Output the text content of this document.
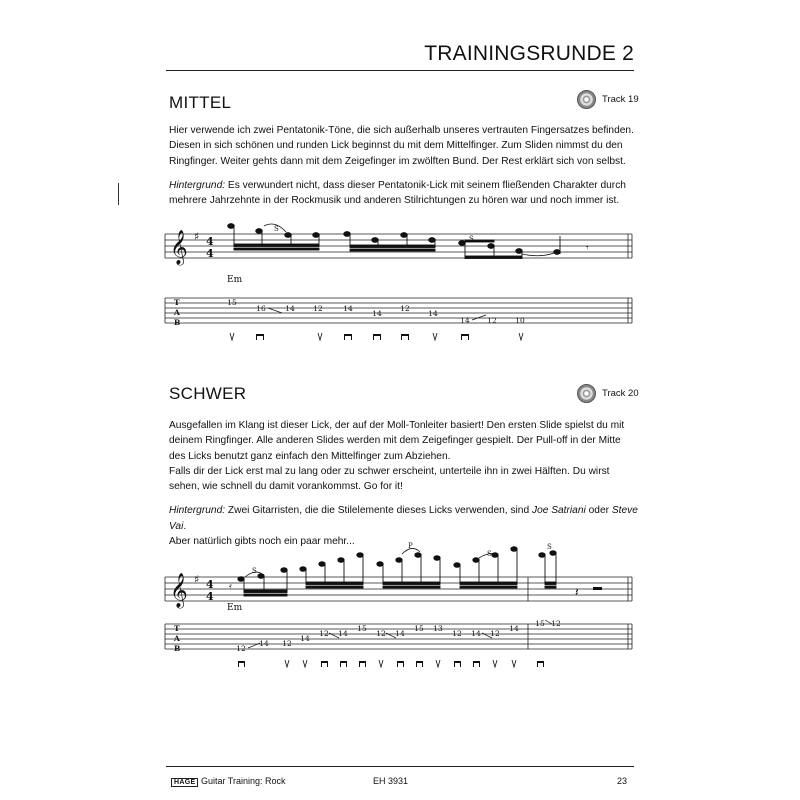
TRAININGSRUNDE 2
MITTEL	Track 19

Hier verwende ich zwei Pentatonik-Töne, die sich außerhalb unseres vertrauten Fingersatzes befinden. Diesen in sich schönen und runden Lick beginnst du mit dem Mittelfinger. Zum Sliden nimmst du den Ringfinger. Weiter gehts dann mit dem Zeigefinger im zwölften Bund. Der Rest erklärt sich von selbst.

Hintergrund: Es verwundert nicht, dass dieser Pentatonik-Lick mit seinem fließenden Charakter durch mehrere Jahrzehnte in der Rockmusik und anderen Stilrichtungen zu hören war und noch immer ist.

𝄞 ♯ 4
4
S
S
𝄾
Em
T
A
B
15
16	14 12	14
14
12
14
14 12 10
SCHWER	Track 20

Ausgefallen im Klang ist dieser Lick, der auf der Moll-Tonleiter basiert! Den ersten Slide spielst du mit deinem Ringfinger. Alle anderen Slides werden mit dem Zeigefinger gespielt. Der Pull-off in der Mitte des Licks benutzt ganz einfach den Mittelfinger zum Abziehen.

Falls dir der Lick erst mal zu lang oder zu schwer erscheint, unterteile ihn in zwei Hälften. Du wirst sehen, wie schnell du damit vorankommst. Go for it!

Hintergrund: Zwei Gitarristen, die die Stilelemente dieses Licks verwenden, sind Joe Satriani oder Steve Vai.
Aber natürlich gibts noch ein paar mehr...

𝄞 ♯ 4
4
S
S
S
P
𝄿	𝄽
Em
T
A
B	12
14 12
14
12 14
15
12 14
15 13
12 14 12
14
15 12
HAGE Guitar Training: Rock	EH 3931	23
